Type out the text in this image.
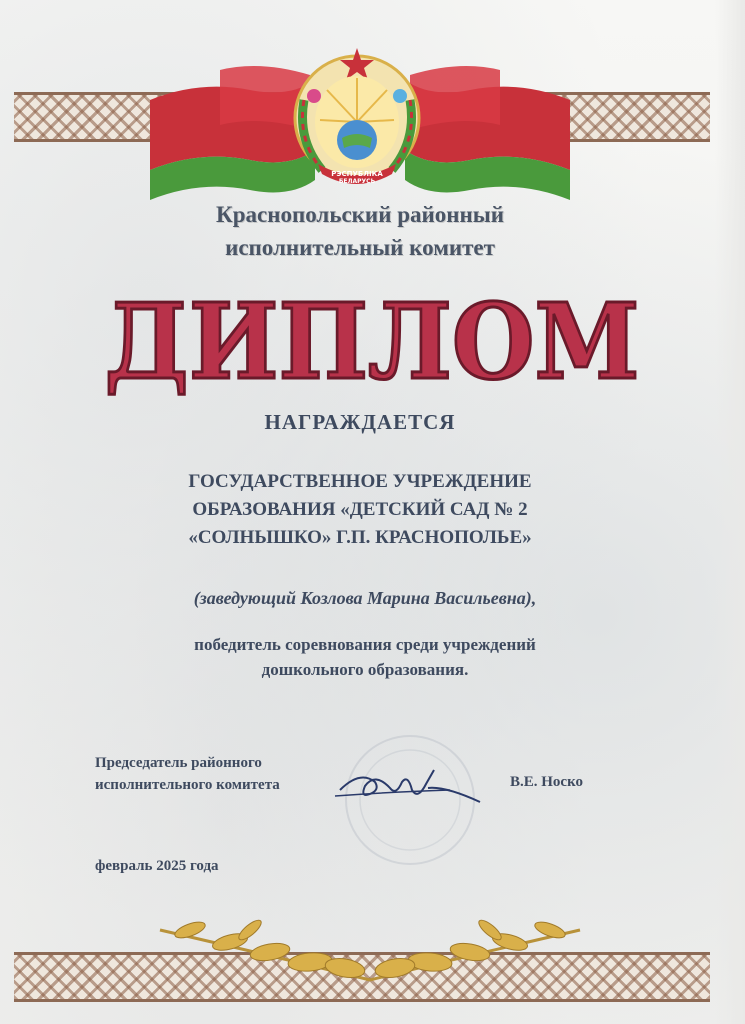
РЭСПУБЛІКА
БЕЛАРУСЬ
Краснопольский районный
исполнительный комитет
ДИПЛОМ
НАГРАЖДАЕТСЯ
ГОСУДАРСТВЕННОЕ УЧРЕЖДЕНИЕ
ОБРАЗОВАНИЯ «ДЕТСКИЙ САД № 2
«СОЛНЫШКО» Г.П. КРАСНОПОЛЬЕ»
(заведующий Козлова Марина Васильевна),
победитель соревнования среди учреждений
дошкольного образования.
Председатель районного
исполнительного комитета	В.Е. Носко
февраль 2025 года
